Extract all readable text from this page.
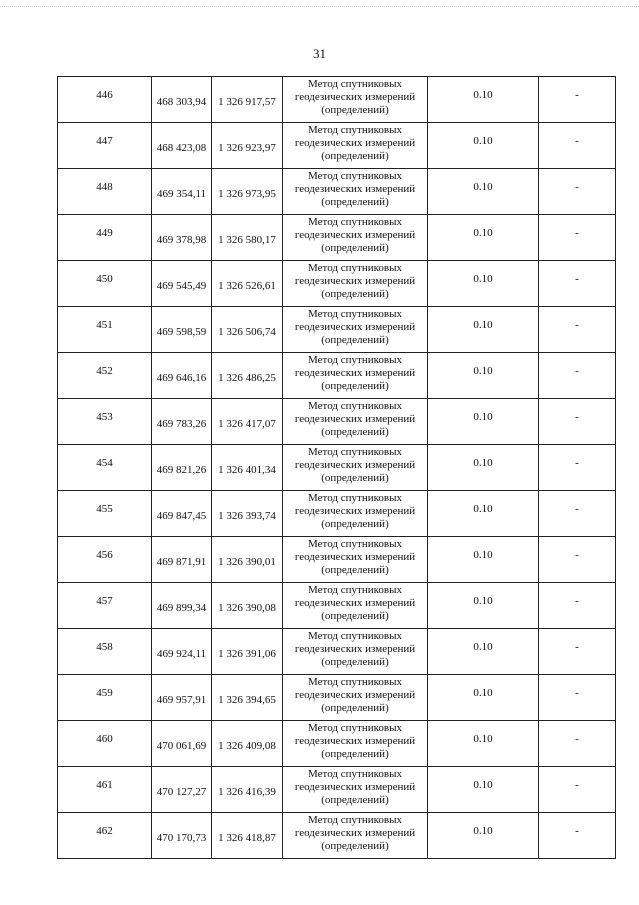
31
446	468 303,94	1 326 917,57	Метод спутниковых
геодезических измерений
(определений)	0.10	-
447	468 423,08	1 326 923,97	Метод спутниковых
геодезических измерений
(определений)	0.10	-
448	469 354,11	1 326 973,95	Метод спутниковых
геодезических измерений
(определений)	0.10	-
449	469 378,98	1 326 580,17	Метод спутниковых
геодезических измерений
(определений)	0.10	-
450	469 545,49	1 326 526,61	Метод спутниковых
геодезических измерений
(определений)	0.10	-
451	469 598,59	1 326 506,74	Метод спутниковых
геодезических измерений
(определений)	0.10	-
452	469 646,16	1 326 486,25	Метод спутниковых
геодезических измерений
(определений)	0.10	-
453	469 783,26	1 326 417,07	Метод спутниковых
геодезических измерений
(определений)	0.10	-
454	469 821,26	1 326 401,34	Метод спутниковых
геодезических измерений
(определений)	0.10	-
455	469 847,45	1 326 393,74	Метод спутниковых
геодезических измерений
(определений)	0.10	-
456	469 871,91	1 326 390,01	Метод спутниковых
геодезических измерений
(определений)	0.10	-
457	469 899,34	1 326 390,08	Метод спутниковых
геодезических измерений
(определений)	0.10	-
458	469 924,11	1 326 391,06	Метод спутниковых
геодезических измерений
(определений)	0.10	-
459	469 957,91	1 326 394,65	Метод спутниковых
геодезических измерений
(определений)	0.10	-
460	470 061,69	1 326 409,08	Метод спутниковых
геодезических измерений
(определений)	0.10	-
461	470 127,27	1 326 416,39	Метод спутниковых
геодезических измерений
(определений)	0.10	-
462	470 170,73	1 326 418,87	Метод спутниковых
геодезических измерений
(определений)	0.10	-
